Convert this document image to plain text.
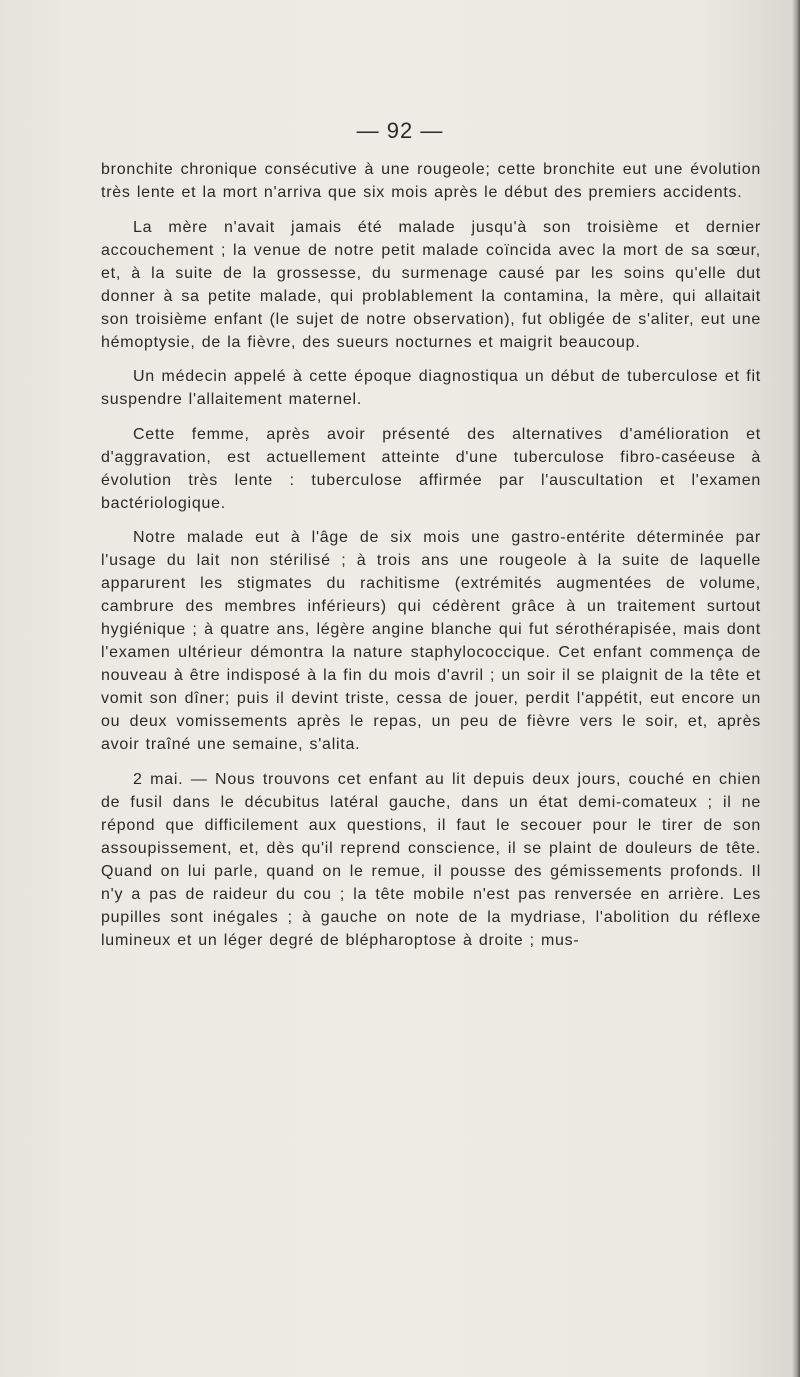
— 92 —

bronchite chronique consécutive à une rougeole; cette bronchite eut une évolution très lente et la mort n'arriva que six mois après le début des premiers accidents.

La mère n'avait jamais été malade jusqu'à son troisième et dernier accouchement ; la venue de notre petit malade coïncida avec la mort de sa sœur, et, à la suite de la grossesse, du surmenage causé par les soins qu'elle dut donner à sa petite malade, qui problablement la contamina, la mère, qui allaitait son troisième enfant (le sujet de notre observation), fut obligée de s'aliter, eut une hémoptysie, de la fièvre, des sueurs nocturnes et maigrit beaucoup.

Un médecin appelé à cette époque diagnostiqua un début de tuberculose et fit suspendre l'allaitement maternel.

Cette femme, après avoir présenté des alternatives d'amélioration et d'aggravation, est actuellement atteinte d'une tuberculose fibro-caséeuse à évolution très lente : tuberculose affirmée par l'auscultation et l'examen bactériologique.

Notre malade eut à l'âge de six mois une gastro-entérite déterminée par l'usage du lait non stérilisé ; à trois ans une rougeole à la suite de laquelle apparurent les stigmates du rachitisme (extrémités augmentées de volume, cambrure des membres inférieurs) qui cédèrent grâce à un traitement surtout hygiénique ; à quatre ans, légère angine blanche qui fut sérothérapisée, mais dont l'examen ultérieur démontra la nature staphylococcique. Cet enfant commença de nouveau à être indisposé à la fin du mois d'avril ; un soir il se plaignit de la tête et vomit son dîner; puis il devint triste, cessa de jouer, perdit l'appétit, eut encore un ou deux vomissements après le repas, un peu de fièvre vers le soir, et, après avoir traîné une semaine, s'alita.

2 mai. — Nous trouvons cet enfant au lit depuis deux jours, couché en chien de fusil dans le décubitus latéral gauche, dans un état demi-comateux ; il ne répond que difficilement aux questions, il faut le secouer pour le tirer de son assoupissement, et, dès qu'il reprend conscience, il se plaint de douleurs de tête. Quand on lui parle, quand on le remue, il pousse des gémissements profonds. Il n'y a pas de raideur du cou ; la tête mobile n'est pas renversée en arrière. Les pupilles sont inégales ; à gauche on note de la mydriase, l'abolition du réflexe lumineux et un léger degré de blépharoptose à droite ; mus-
